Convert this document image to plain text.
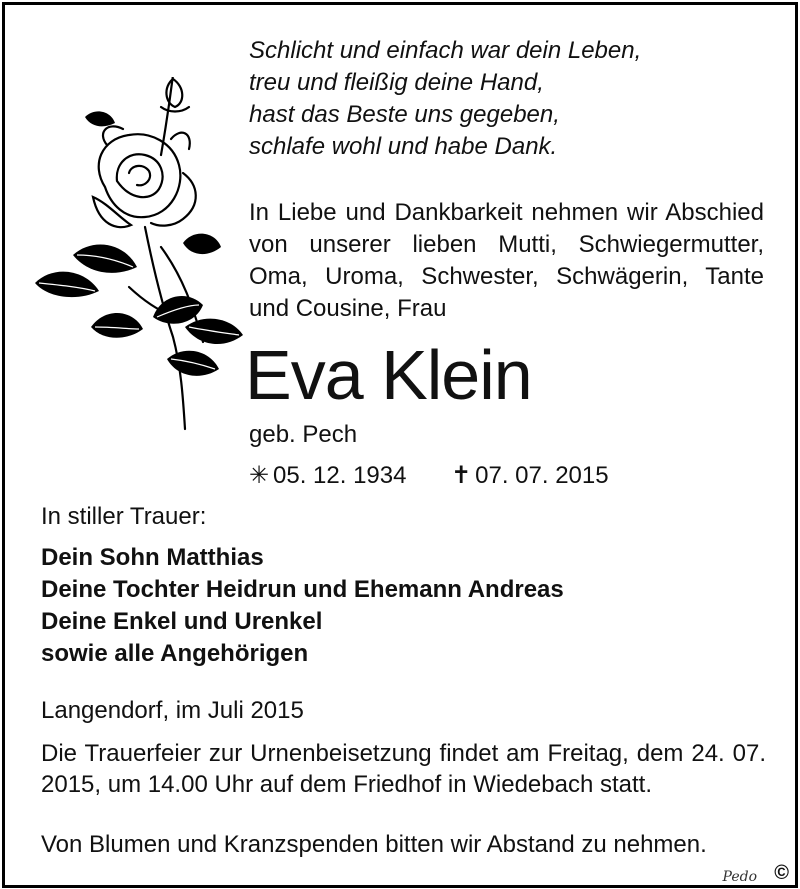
Schlicht und einfach war dein Leben,
treu und fleißig deine Hand,
hast das Beste uns gegeben,
schlafe wohl und habe Dank.
In Liebe und Dankbarkeit nehmen wir Abschied von unserer lieben Mutti, Schwiegermutter, Oma, Uroma, Schwester, Schwägerin, Tante und Cousine, Frau
Eva Klein
geb. Pech
✳ 05. 12. 1934 ✝ 07. 07. 2015
In stiller Trauer:
Dein Sohn Matthias
Deine Tochter Heidrun und Ehemann Andreas
Deine Enkel und Urenkel
sowie alle Angehörigen
Langendorf, im Juli 2015
Die Trauerfeier zur Urnenbeisetzung findet am Freitag, dem 24. 07. 2015, um 14.00 Uhr auf dem Friedhof in Wiedebach statt.
Von Blumen und Kranzspenden bitten wir Abstand zu nehmen.
Pedo ©
